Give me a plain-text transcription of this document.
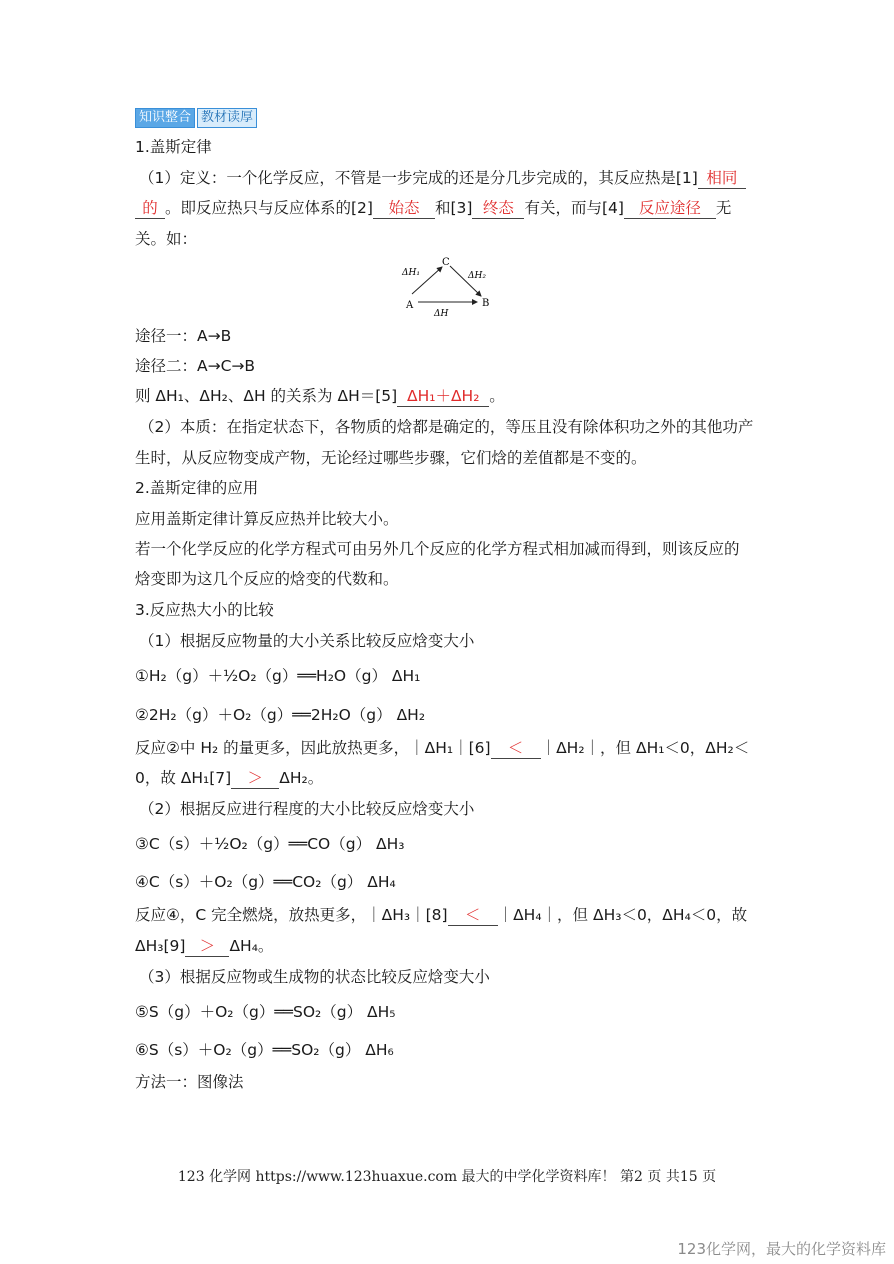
知识整合 教材读厚
1.盖斯定律
（1）定义：一个化学反应，不管是一步完成的还是分几步完成的，其反应热是[1] 相同
的 。即反应热只与反应体系的[2] 始态 和[3] 终态 有关，而与[4] 反应途径 无
关。如：
A
C
B
ΔH₁	ΔH₂
ΔH
途径一：A→B
途径二：A→C→B
则 ΔH₁、ΔH₂、ΔH 的关系为 ΔH＝[5] ΔH₁＋ΔH₂ 。
（2）本质：在指定状态下，各物质的焓都是确定的，等压且没有除体积功之外的其他功产
生时，从反应物变成产物，无论经过哪些步骤，它们焓的差值都是不变的。
2.盖斯定律的应用
应用盖斯定律计算反应热并比较大小。
若一个化学反应的化学方程式可由另外几个反应的化学方程式相加减而得到，则该反应的
焓变即为这几个反应的焓变的代数和。
3.反应热大小的比较
（1）根据反应物量的大小关系比较反应焓变大小
①H₂（g）＋½O₂（g）══H₂O（g） ΔH₁
②2H₂（g）＋O₂（g）══2H₂O（g） ΔH₂
反应②中 H₂ 的量更多，因此放热更多，｜ΔH₁｜[6] ＜ ｜ΔH₂｜，但 ΔH₁＜0，ΔH₂＜
0，故 ΔH₁[7] ＞ ΔH₂。
（2）根据反应进行程度的大小比较反应焓变大小
③C（s）＋½O₂（g）══CO（g） ΔH₃
④C（s）＋O₂（g）══CO₂（g） ΔH₄
反应④，C 完全燃烧，放热更多，｜ΔH₃｜[8] ＜ ｜ΔH₄｜，但 ΔH₃＜0，ΔH₄＜0，故
ΔH₃[9] ＞ ΔH₄。
（3）根据反应物或生成物的状态比较反应焓变大小
⑤S（g）＋O₂（g）══SO₂（g） ΔH₅
⑥S（s）＋O₂（g）══SO₂（g） ΔH₆
方法一：图像法
123 化学网 https://www.123huaxue.com 最大的中学化学资料库！ 第2 页 共15 页
123化学网，最大的化学资料库
